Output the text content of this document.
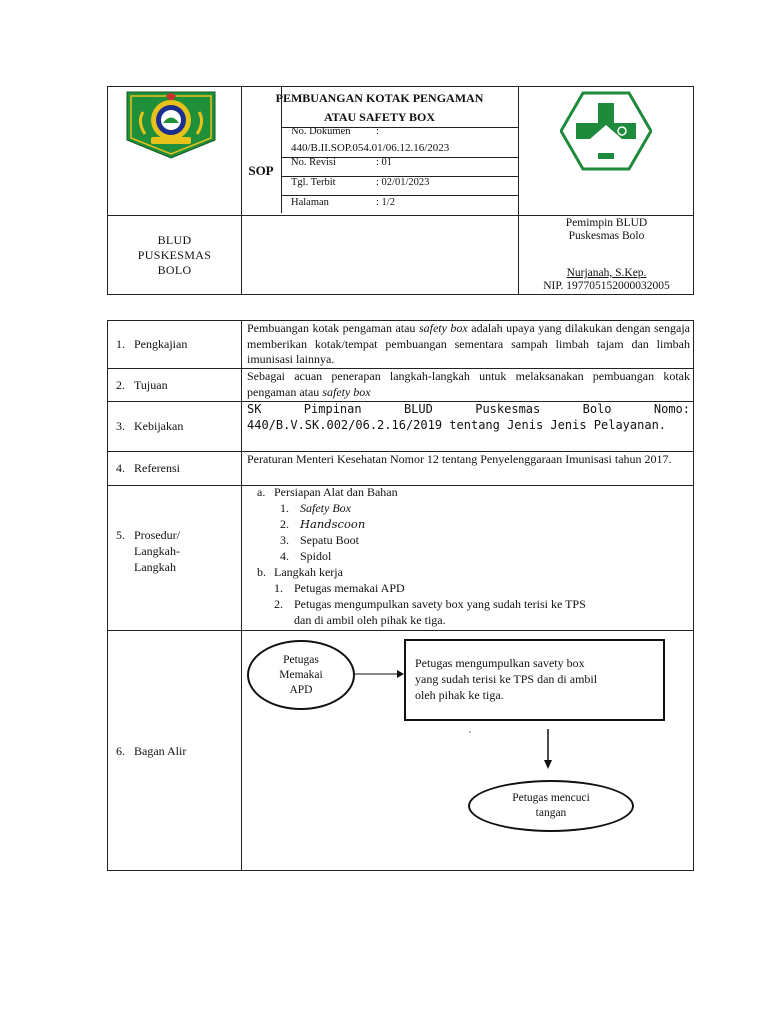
PEMBUANGAN KOTAK PENGAMAN
ATAU SAFETY BOX
SOP
No. Dokumen :
440/B.II.SOP.054.01/06.12.16/2023
No. Revisi	: 01
Tgl. Terbit	: 02/01/2023
Halaman	: 1/2
BLUD
PUSKESMAS
BOLO
Pemimpin BLUD
Puskesmas Bolo
Nurjanah, S.Kep.
NIP. 197705152000032005
1. Pengkajian
Pembuangan kotak pengaman atau safety box adalah upaya yang dilakukan dengan sengaja memberikan kotak/tempat pembuangan sementara sampah limbah tajam dan limbah imunisasi lainnya.
2. Tujuan
Sebagai acuan penerapan langkah-langkah untuk melaksanakan pembuangan kotak pengaman atau safety box
3. Kebijakan
SK Pimpinan BLUD Puskesmas Bolo Nomo: 440/B.V.SK.002/06.2.16/2019 tentang Jenis Jenis Pelayanan.
4. Referensi
Peraturan Menteri Kesehatan Nomor 12 tentang Penyelenggaraan Imunisasi tahun 2017.
5. Prosedur/
Langkah-
Langkah
a. Persiapan Alat dan Bahan
1. Safety Box
2. Handscoon
3. Sepatu Boot
4. Spidol
b. Langkah kerja
1. Petugas memakai APD
2. Petugas mengumpulkan savety box yang sudah terisi ke TPS
dan di ambil oleh pihak ke tiga.
6. Bagan Alir
Petugas
Memakai
APD
Petugas mengumpulkan savety box
yang sudah terisi ke TPS dan di ambil
oleh pihak ke tiga.
Petugas mencuci
tangan
